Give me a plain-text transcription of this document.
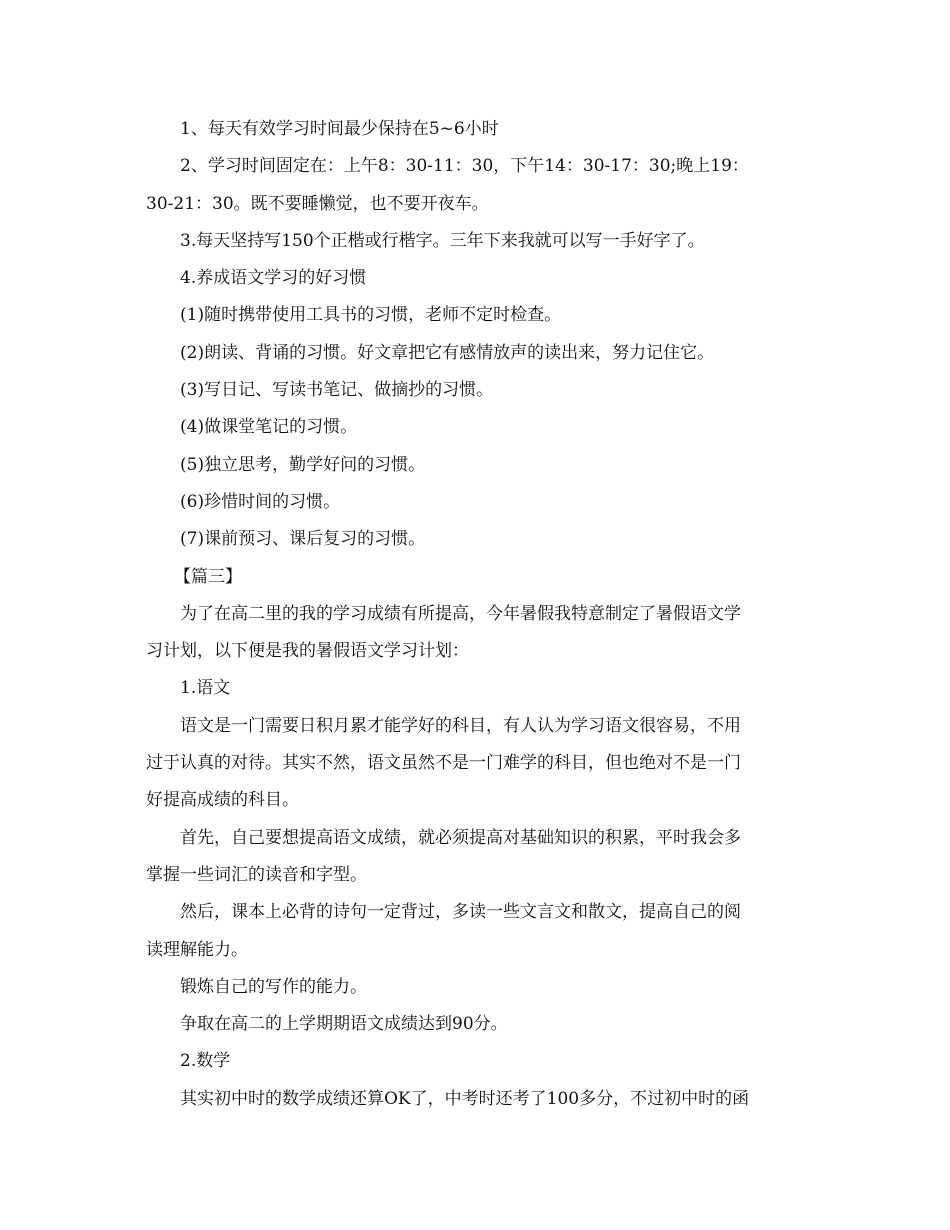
1、每天有效学习时间最少保持在5~6小时
2、学习时间固定在：上午8：30-11：30，下午14：30-17：30;晚上19：
30-21：30。既不要睡懒觉，也不要开夜车。
3.每天坚持写150个正楷或行楷字。三年下来我就可以写一手好字了。
4.养成语文学习的好习惯
(1)随时携带使用工具书的习惯，老师不定时检查。
(2)朗读、背诵的习惯。好文章把它有感情放声的读出来，努力记住它。
(3)写日记、写读书笔记、做摘抄的习惯。
(4)做课堂笔记的习惯。
(5)独立思考，勤学好问的习惯。
(6)珍惜时间的习惯。
(7)课前预习、课后复习的习惯。
【篇三】
为了在高二里的我的学习成绩有所提高，今年暑假我特意制定了暑假语文学
习计划，以下便是我的暑假语文学习计划：
1.语文
语文是一门需要日积月累才能学好的科目，有人认为学习语文很容易，不用
过于认真的对待。其实不然，语文虽然不是一门难学的科目，但也绝对不是一门
好提高成绩的科目。
首先，自己要想提高语文成绩，就必须提高对基础知识的积累，平时我会多
掌握一些词汇的读音和字型。
然后，课本上必背的诗句一定背过，多读一些文言文和散文，提高自己的阅
读理解能力。
锻炼自己的写作的能力。
争取在高二的上学期期语文成绩达到90分。
2.数学
其实初中时的数学成绩还算OK了，中考时还考了100多分，不过初中时的函
